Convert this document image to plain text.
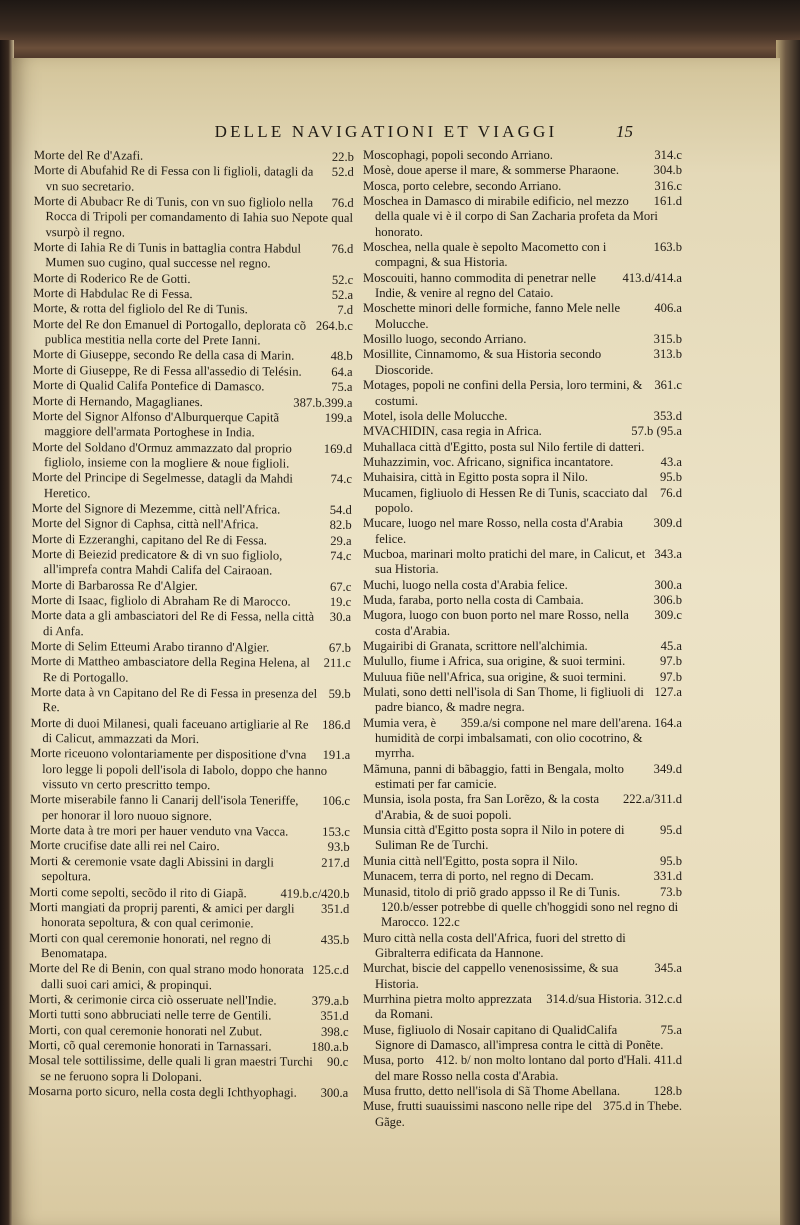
DELLE NAVIGATIONI ET VIAGGI	15
22.b
Morte del Re d'Azafi.
52.d
Morte di Abufahid Re di Fessa con li figlioli, datagli da vn suo secretario.
76.d
Morte di Abubacr Re di Tunis, con vn suo figliolo nella Rocca di Tripoli per comandamento di Iahia suo Nepote qual vsurpò il regno.
76.d
Morte di Iahia Re di Tunis in battaglia contra Habdul Mumen suo cugino, qual successe nel regno.
52.c
Morte di Roderico Re de Gotti.
52.a
Morte di Habdulac Re di Fessa.
7.d
Morte, & rotta del figliolo del Re di Tunis.
264.b.c
Morte del Re don Emanuel di Portogallo, deplorata cõ publica mestitia nella corte del Prete Ianni.
48.b
Morte di Giuseppe, secondo Re della casa di Marin.
64.a
Morte di Giuseppe, Re di Fessa all'assedio di Telésin.
75.a
Morte di Qualid Califa Pontefice di Damasco.
387.b.399.a
Morte di Hernando, Magaglianes.
199.a
Morte del Signor Alfonso d'Alburquerque Capitã maggiore dell'armata Portoghese in India.
169.d
Morte del Soldano d'Ormuz ammazzato dal proprio figliolo, insieme con la mogliere & noue figlioli.
74.c
Morte del Principe di Segelmesse, datagli da Mahdi Heretico.
54.d
Morte del Signore di Mezemme, città nell'Africa.
82.b
Morte del Signor di Caphsa, città nell'Africa.
29.a
Morte di Ezzeranghi, capitano del Re di Fessa.
74.c
Morte di Beiezid predicatore & di vn suo figliolo, all'imprefa contra Mahdi Califa del Cairaoan.
67.c
Morte di Barbarossa Re d'Algier.
19.c
Morte di Isaac, figliolo di Abraham Re di Marocco.
30.a
Morte data a gli ambasciatori del Re di Fessa, nella città di Anfa.
67.b
Morte di Selim Etteumi Arabo tiranno d'Algier.
211.c
Morte di Mattheo ambasciatore della Regina Helena, al Re di Portogallo.
59.b
Morte data à vn Capitano del Re di Fessa in presenza del Re.
186.d
Morte di duoi Milanesi, quali faceuano artigliarie al Re di Calicut, ammazzati da Mori.
191.a
Morte riceuono volontariamente per dispositione d'vna loro legge li popoli dell'isola di Iabolo, doppo che hanno vissuto vn certo prescritto tempo.
106.c
Morte miserabile fanno li Canarij dell'isola Teneriffe, per honorar il loro nuouo signore.
153.c
Morte data à tre mori per hauer venduto vna Vacca.
93.b
Morte crucifise date alli rei nel Cairo.
217.d
Morti & ceremonie vsate dagli Abissini in dargli sepoltura.
419.b.c/420.b
Morti come sepolti, secõdo il rito di Giapã.
351.d
Morti mangiati da proprij parenti, & amici per dargli honorata sepoltura, & con qual cerimonie.
435.b
Morti con qual ceremonie honorati, nel regno di Benomatapa.
125.c.d
Morte del Re di Benin, con qual strano modo honorata dalli suoi cari amici, & propinqui.
379.a.b
Morti, & cerimonie circa ciò osseruate nell'Indie.
351.d
Morti tutti sono abbruciati nelle terre de Gentili.
398.c
Morti, con qual ceremonie honorati nel Zubut.
180.a.b
Morti, cõ qual ceremonie honorati in Tarnassari.
90.c
Mosal tele sottilissime, delle quali li gran maestri Turchi se ne feruono sopra li Dolopani.
300.a
Mosarna porto sicuro, nella costa degli Ichthyophagi.
314.c
Moscophagi, popoli secondo Arriano.
304.b
Mosè, doue aperse il mare, & sommerse Pharaone.
316.c
Mosca, porto celebre, secondo Arriano.
161.d
Moschea in Damasco di mirabile edificio, nel mezzo della quale vi è il corpo di San Zacharia profeta da Mori honorato.
163.b
Moschea, nella quale è sepolto Macometto con i compagni, & sua Historia.
413.d/414.a
Moscouiti, hanno commodita di penetrar nelle Indie, & venire al regno del Cataio.
406.a
Moschette minori delle formiche, fanno Mele nelle Molucche.
315.b
Mosillo luogo, secondo Arriano.
313.b
Mosillite, Cinnamomo, & sua Historia secondo Dioscoride.
361.c
Motages, popoli ne confini della Persia, loro termini, & costumi.
353.d
Motel, isola delle Molucche.
57.b (95.a
MVACHIDIN, casa regia in Africa.
Muhallaca città d'Egitto, posta sul Nilo fertile di datteri.
43.a
Muhazzimin, voc. Africano, significa incantatore.
95.b
Muhaisira, città in Egitto posta sopra il Nilo.
76.d
Mucamen, figliuolo di Hessen Re di Tunis, scacciato dal popolo.
309.d
Mucare, luogo nel mare Rosso, nella costa d'Arabia felice.
343.a
Mucboa, marinari molto pratichi del mare, in Calicut, et sua Historia.
300.a
Muchi, luogo nella costa d'Arabia felice.
306.b
Muda, faraba, porto nella costa di Cambaia.
309.c
Mugora, luogo con buon porto nel mare Rosso, nella costa d'Arabia.
45.a
Mugairibi di Granata, scrittore nell'alchimia.
97.b
Mulullo, fiume i Africa, sua origine, & suoi termini.
97.b
Muluua fiũe nell'Africa, sua origine, & suoi termini.
127.a
Mulati, sono detti nell'isola di San Thome, li figliuoli di padre bianco, & madre negra.
359.a/si compone nel mare dell'arena. 164.a
Mumia vera, è humidità de corpi imbalsamati, con olio cocotrino, & myrrha.
349.d
Mãmuna, panni di bãbaggio, fatti in Bengala, molto estimati per far camicie.
222.a/311.d
Munsia, isola posta, fra San Lorẽzo, & la costa d'Arabia, & de suoi popoli.
95.d
Munsia città d'Egitto posta sopra il Nilo in potere di Suliman Re de Turchi.
95.b
Munia città nell'Egitto, posta sopra il Nilo.
331.d
Munacem, terra di porto, nel regno di Decam.
73.b
Munasid, titolo di priõ grado appsso il Re di Tunis.
120.b/esser potrebbe di quelle ch'hoggidi sono nel regno di Marocco. 122.c
Muro città nella costa dell'Africa, fuori del stretto di Gibralterra edificata da Hannone.
345.a
Murchat, biscie del cappello venenosissime, & sua Historia.
314.d/sua Historia. 312.c.d
Murrhina pietra molto apprezzata da Romani.
75.a
Muse, figliuolo di Nosair capitano di QualidCalifa Signore di Damasco, all'impresa contra le città di Ponẽte.
412. b/ non molto lontano dal porto d'Hali. 411.d
Musa, porto del mare Rosso nella costa d'Arabia.
128.b
Musa frutto, detto nell'isola di Sã Thome Abellana.
375.d in Thebe.
Muse, frutti suauissimi nascono nelle ripe del Gãge.
